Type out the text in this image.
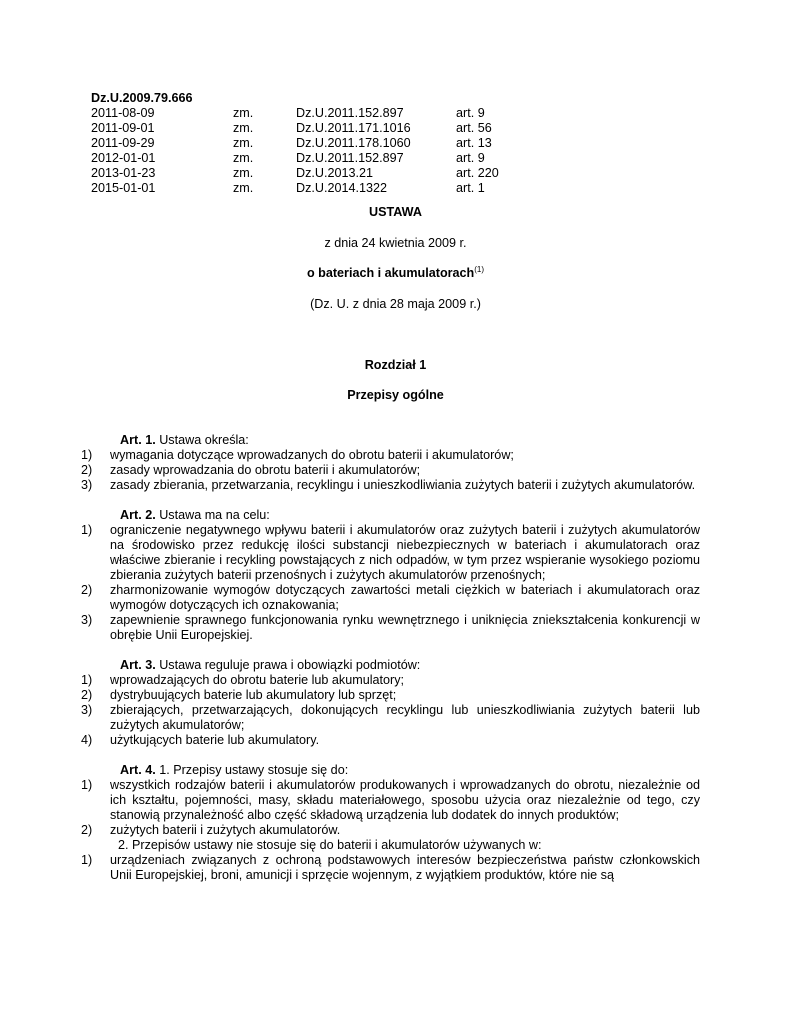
Dz.U.2009.79.666
2011-08-09	zm.	Dz.U.2011.152.897	art. 9
2011-09-01	zm.	Dz.U.2011.171.1016	art. 56
2011-09-29	zm.	Dz.U.2011.178.1060	art. 13
2012-01-01	zm.	Dz.U.2011.152.897	art. 9
2013-01-23	zm.	Dz.U.2013.21	art. 220
2015-01-01	zm.	Dz.U.2014.1322	art. 1
USTAWA
z dnia 24 kwietnia 2009 r.
o bateriach i akumulatorach$^{(1)}$
(Dz. U. z dnia 28 maja 2009 r.)
Rozdział 1
Przepisy ogólne
Art. 1. Ustawa określa:
1)	wymagania dotyczące wprowadzanych do obrotu baterii i akumulatorów;
2)	zasady wprowadzania do obrotu baterii i akumulatorów;
3)	zasady zbierania, przetwarzania, recyklingu i unieszkodliwiania zużytych baterii i zużytych akumulatorów.
Art. 2. Ustawa ma na celu:
1)	ograniczenie negatywnego wpływu baterii i akumulatorów oraz zużytych baterii i zużytych akumulatorów na środowisko przez redukcję ilości substancji niebezpiecznych w bateriach i akumulatorach oraz właściwe zbieranie i recykling powstających z nich odpadów, w tym przez wspieranie wysokiego poziomu zbierania zużytych baterii przenośnych i zużytych akumulatorów przenośnych;
2)	zharmonizowanie wymogów dotyczących zawartości metali ciężkich w bateriach i akumulatorach oraz wymogów dotyczących ich oznakowania;
3)	zapewnienie sprawnego funkcjonowania rynku wewnętrznego i uniknięcia zniekształcenia konkurencji w obrębie Unii Europejskiej.
Art. 3. Ustawa reguluje prawa i obowiązki podmiotów:
1)	wprowadzających do obrotu baterie lub akumulatory;
2)	dystrybuujących baterie lub akumulatory lub sprzęt;
3)	zbierających, przetwarzających, dokonujących recyklingu lub unieszkodliwiania zużytych baterii lub zużytych akumulatorów;
4)	użytkujących baterie lub akumulatory.
Art. 4. 1. Przepisy ustawy stosuje się do:
1)	wszystkich rodzajów baterii i akumulatorów produkowanych i wprowadzanych do obrotu, niezależnie od ich kształtu, pojemności, masy, składu materiałowego, sposobu użycia oraz niezależnie od tego, czy stanowią przynależność albo część składową urządzenia lub dodatek do innych produktów;
2)	zużytych baterii i zużytych akumulatorów.
2. Przepisów ustawy nie stosuje się do baterii i akumulatorów używanych w:
1)	urządzeniach związanych z ochroną podstawowych interesów bezpieczeństwa państw członkowskich Unii Europejskiej, broni, amunicji i sprzęcie wojennym, z wyjątkiem produktów, które nie są
